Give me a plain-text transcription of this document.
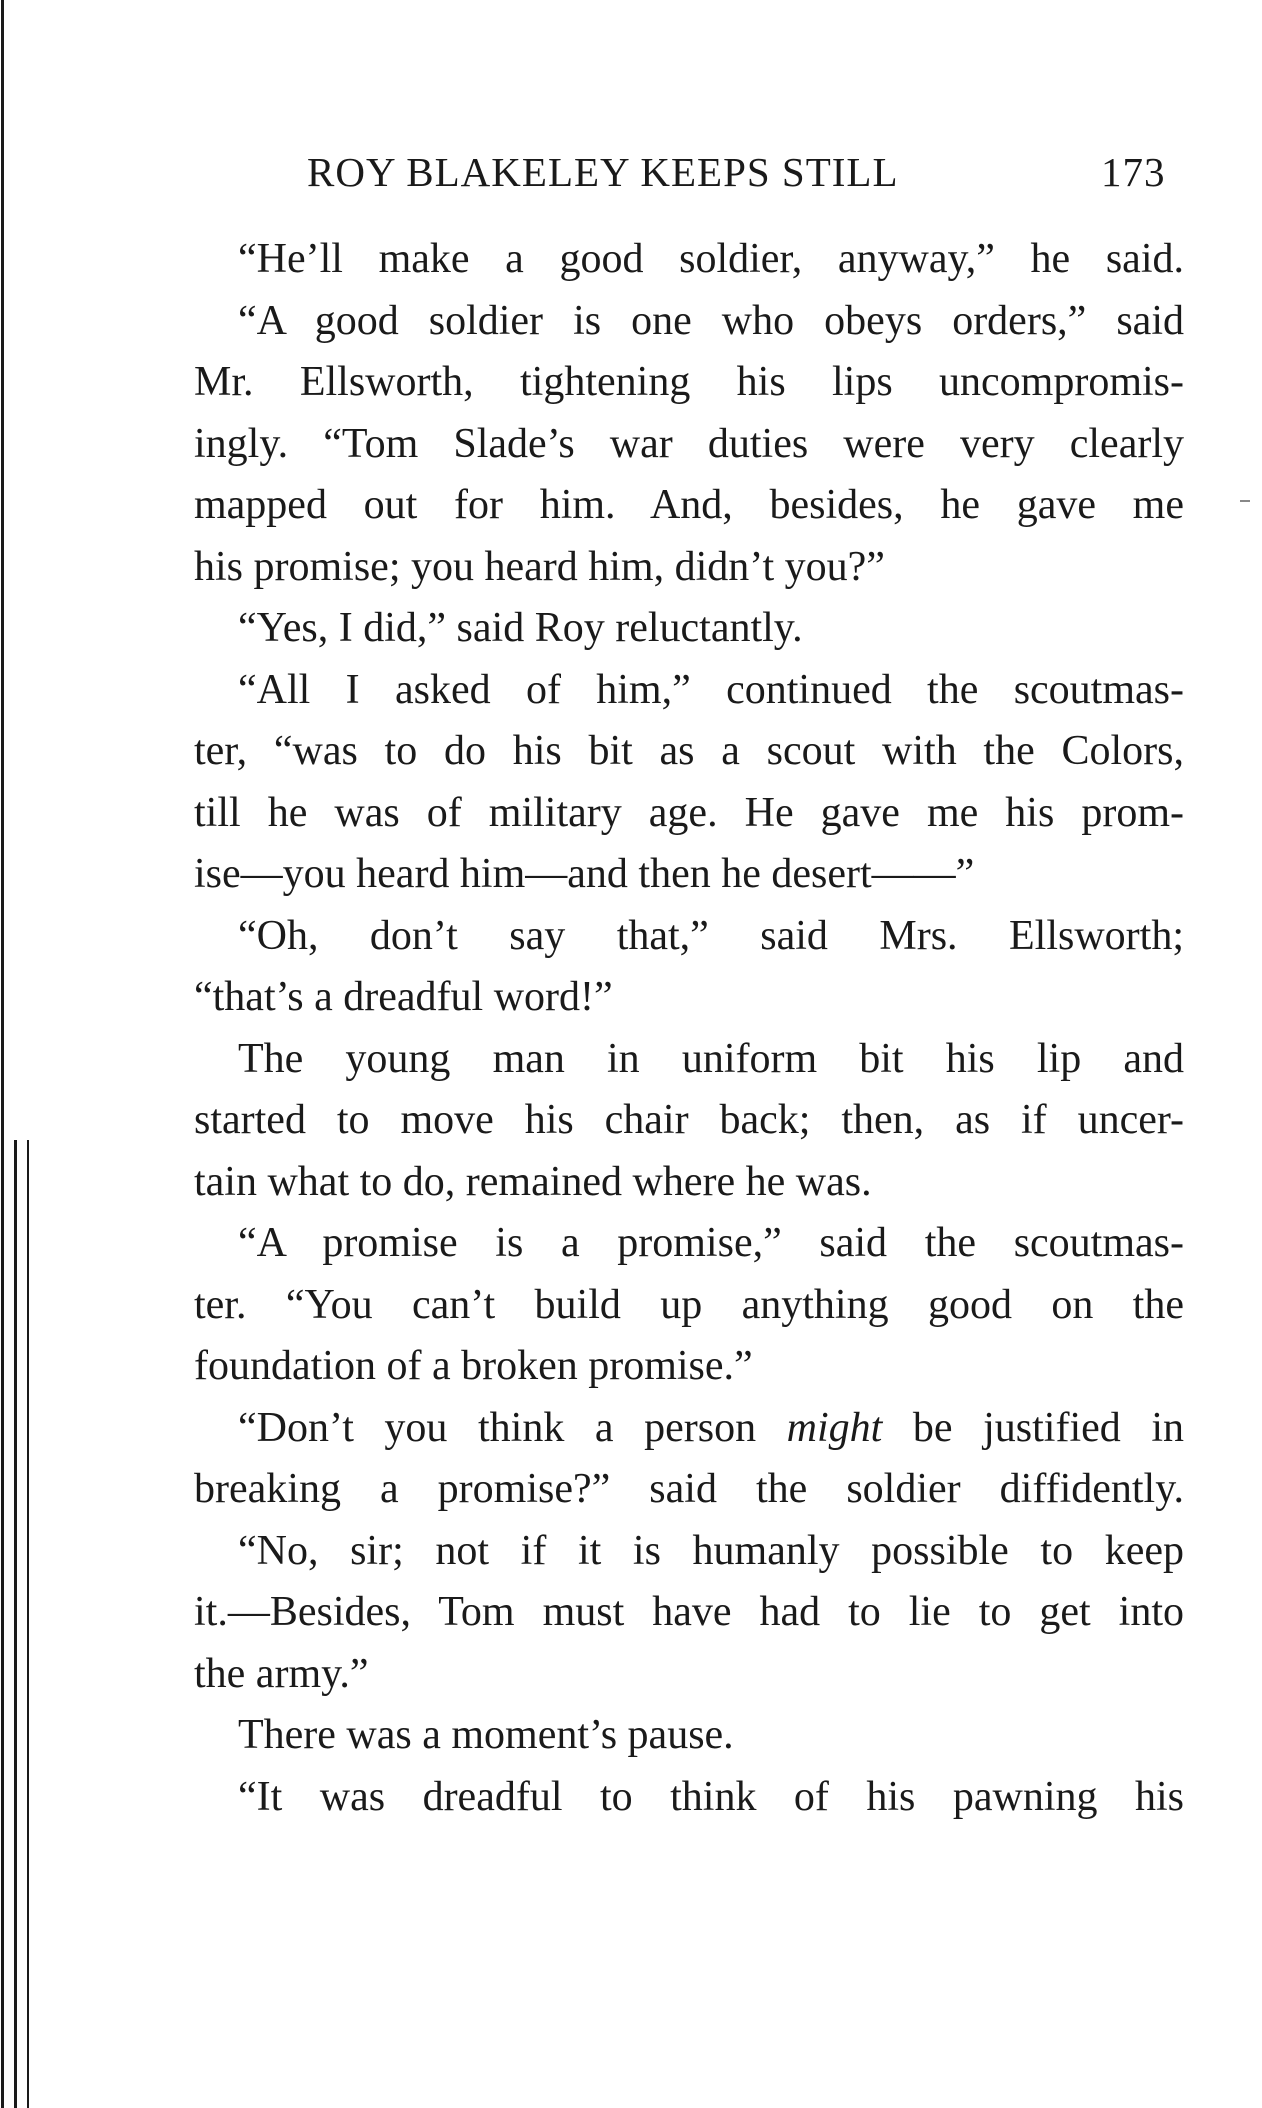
ROY BLAKELEY KEEPS STILL	173
“He’ll make a good soldier, anyway,” he said.
“A good soldier is one who obeys orders,” said
Mr. Ellsworth, tightening his lips uncompromis-
ingly. “Tom Slade’s war duties were very clearly
mapped out for him. And, besides, he gave me
his promise; you heard him, didn’t you?”
“Yes, I did,” said Roy reluctantly.
“All I asked of him,” continued the scoutmas-
ter, “was to do his bit as a scout with the Colors,
till he was of military age. He gave me his prom-
ise—you heard him—and then he desert——”
“Oh, don’t say that,” said Mrs. Ellsworth;
“that’s a dreadful word!”
The young man in uniform bit his lip and
started to move his chair back; then, as if uncer-
tain what to do, remained where he was.
“A promise is a promise,” said the scoutmas-
ter. “You can’t build up anything good on the
foundation of a broken promise.”
“Don’t you think a person might be justified in
breaking a promise?” said the soldier diffidently.
“No, sir; not if it is humanly possible to keep
it.—Besides, Tom must have had to lie to get into
the army.”
There was a moment’s pause.
“It was dreadful to think of his pawning his
